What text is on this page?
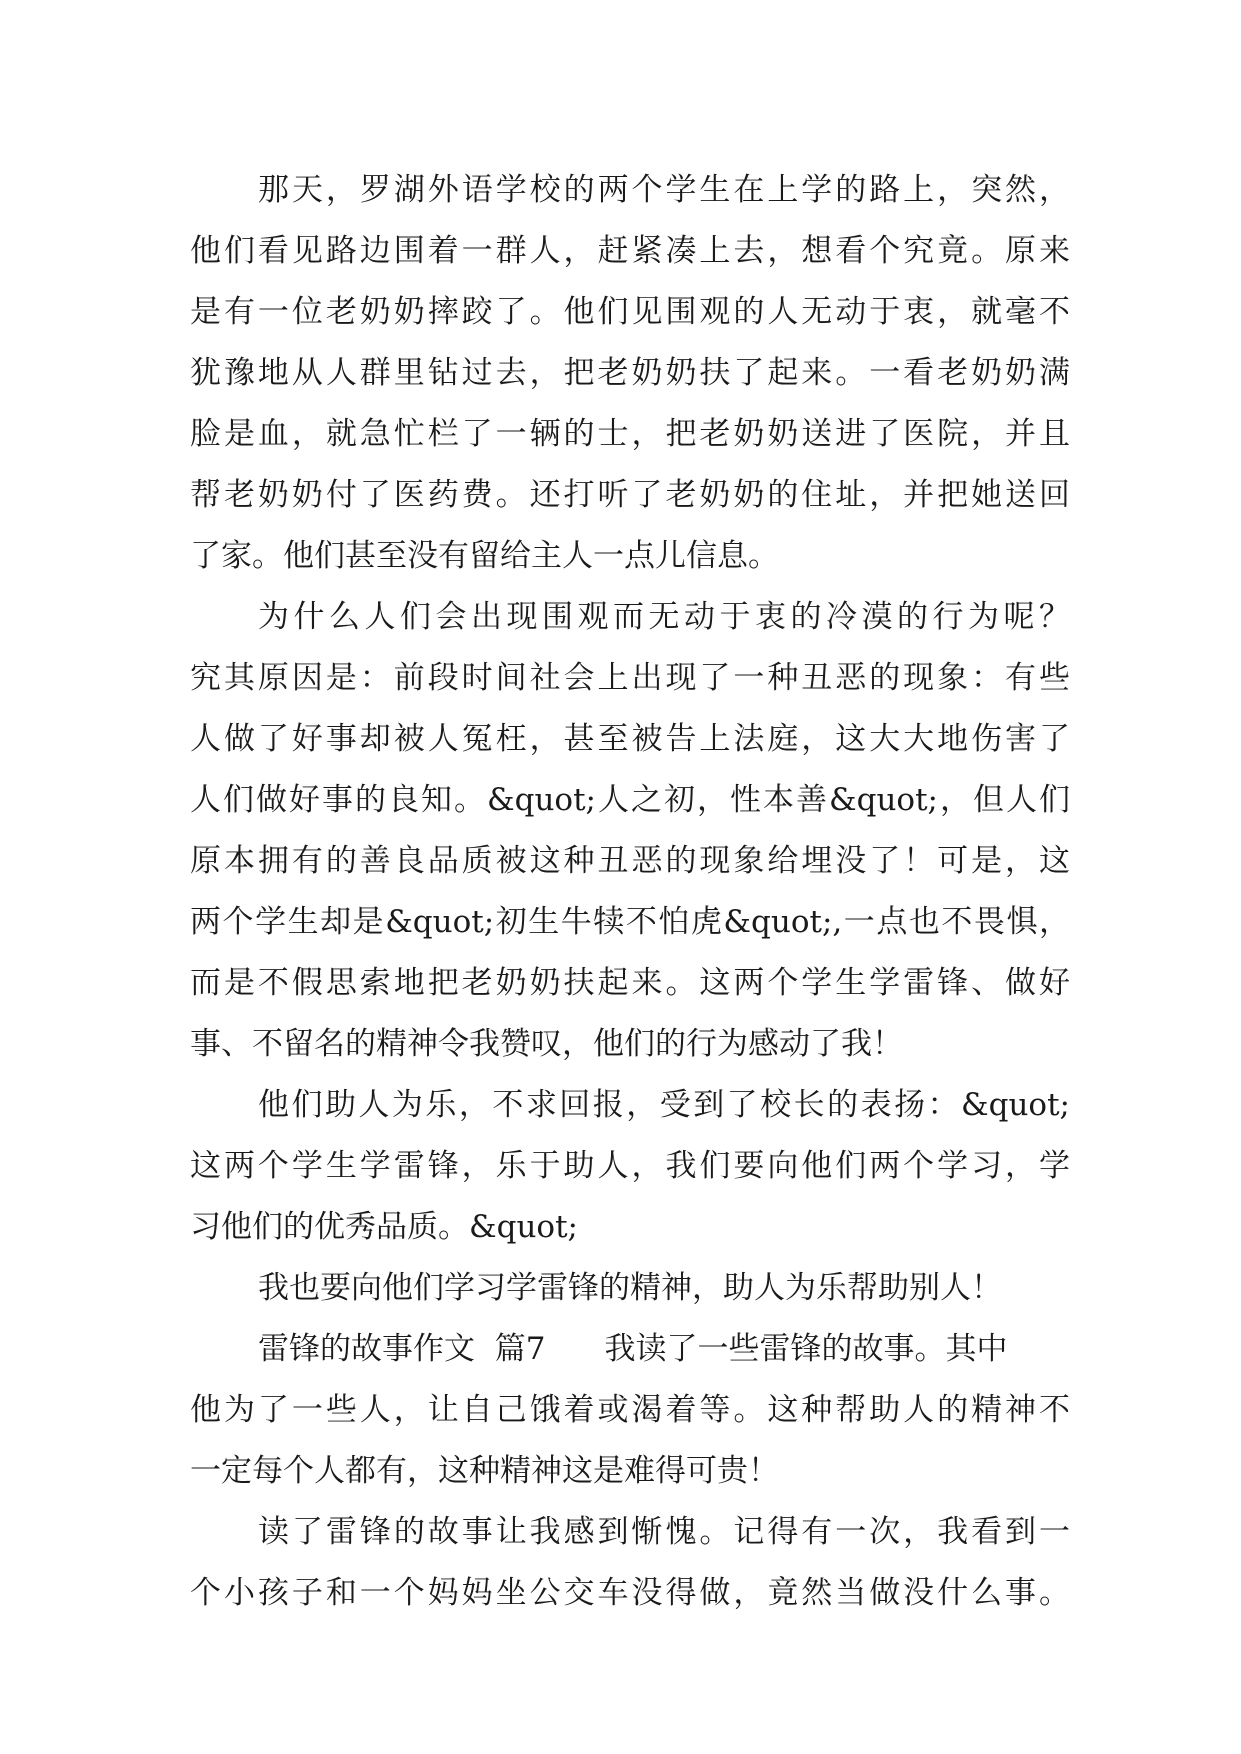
那天，罗湖外语学校的两个学生在上学的路上，突然，
他们看见路边围着一群人，赶紧凑上去，想看个究竟。原来
是有一位老奶奶摔跤了。他们见围观的人无动于衷，就毫不
犹豫地从人群里钻过去，把老奶奶扶了起来。一看老奶奶满
脸是血，就急忙栏了一辆的士，把老奶奶送进了医院，并且
帮老奶奶付了医药费。还打听了老奶奶的住址，并把她送回
了家。他们甚至没有留给主人一点儿信息。
为什么人们会出现围观而无动于衷的冷漠的行为呢？
究其原因是：前段时间社会上出现了一种丑恶的现象：有些
人做了好事却被人冤枉，甚至被告上法庭，这大大地伤害了
人们做好事的良知。&quot;人之初，性本善&quot;，但人们
原本拥有的善良品质被这种丑恶的现象给埋没了！可是，这
两个学生却是&quot;初生牛犊不怕虎&quot;,一点也不畏惧，
而是不假思索地把老奶奶扶起来。这两个学生学雷锋、做好
事、不留名的精神令我赞叹，他们的行为感动了我！
他们助人为乐，不求回报，受到了校长的表扬：&quot;
这两个学生学雷锋，乐于助人，我们要向他们两个学习，学
习他们的优秀品质。&quot;
我也要向他们学习学雷锋的精神，助人为乐帮助别人！
雷锋的故事作文  篇7      我读了一些雷锋的故事。其中
他为了一些人，让自己饿着或渴着等。这种帮助人的精神不
一定每个人都有，这种精神这是难得可贵！
读了雷锋的故事让我感到惭愧。记得有一次，我看到一
个小孩子和一个妈妈坐公交车没得做，竟然当做没什么事。
